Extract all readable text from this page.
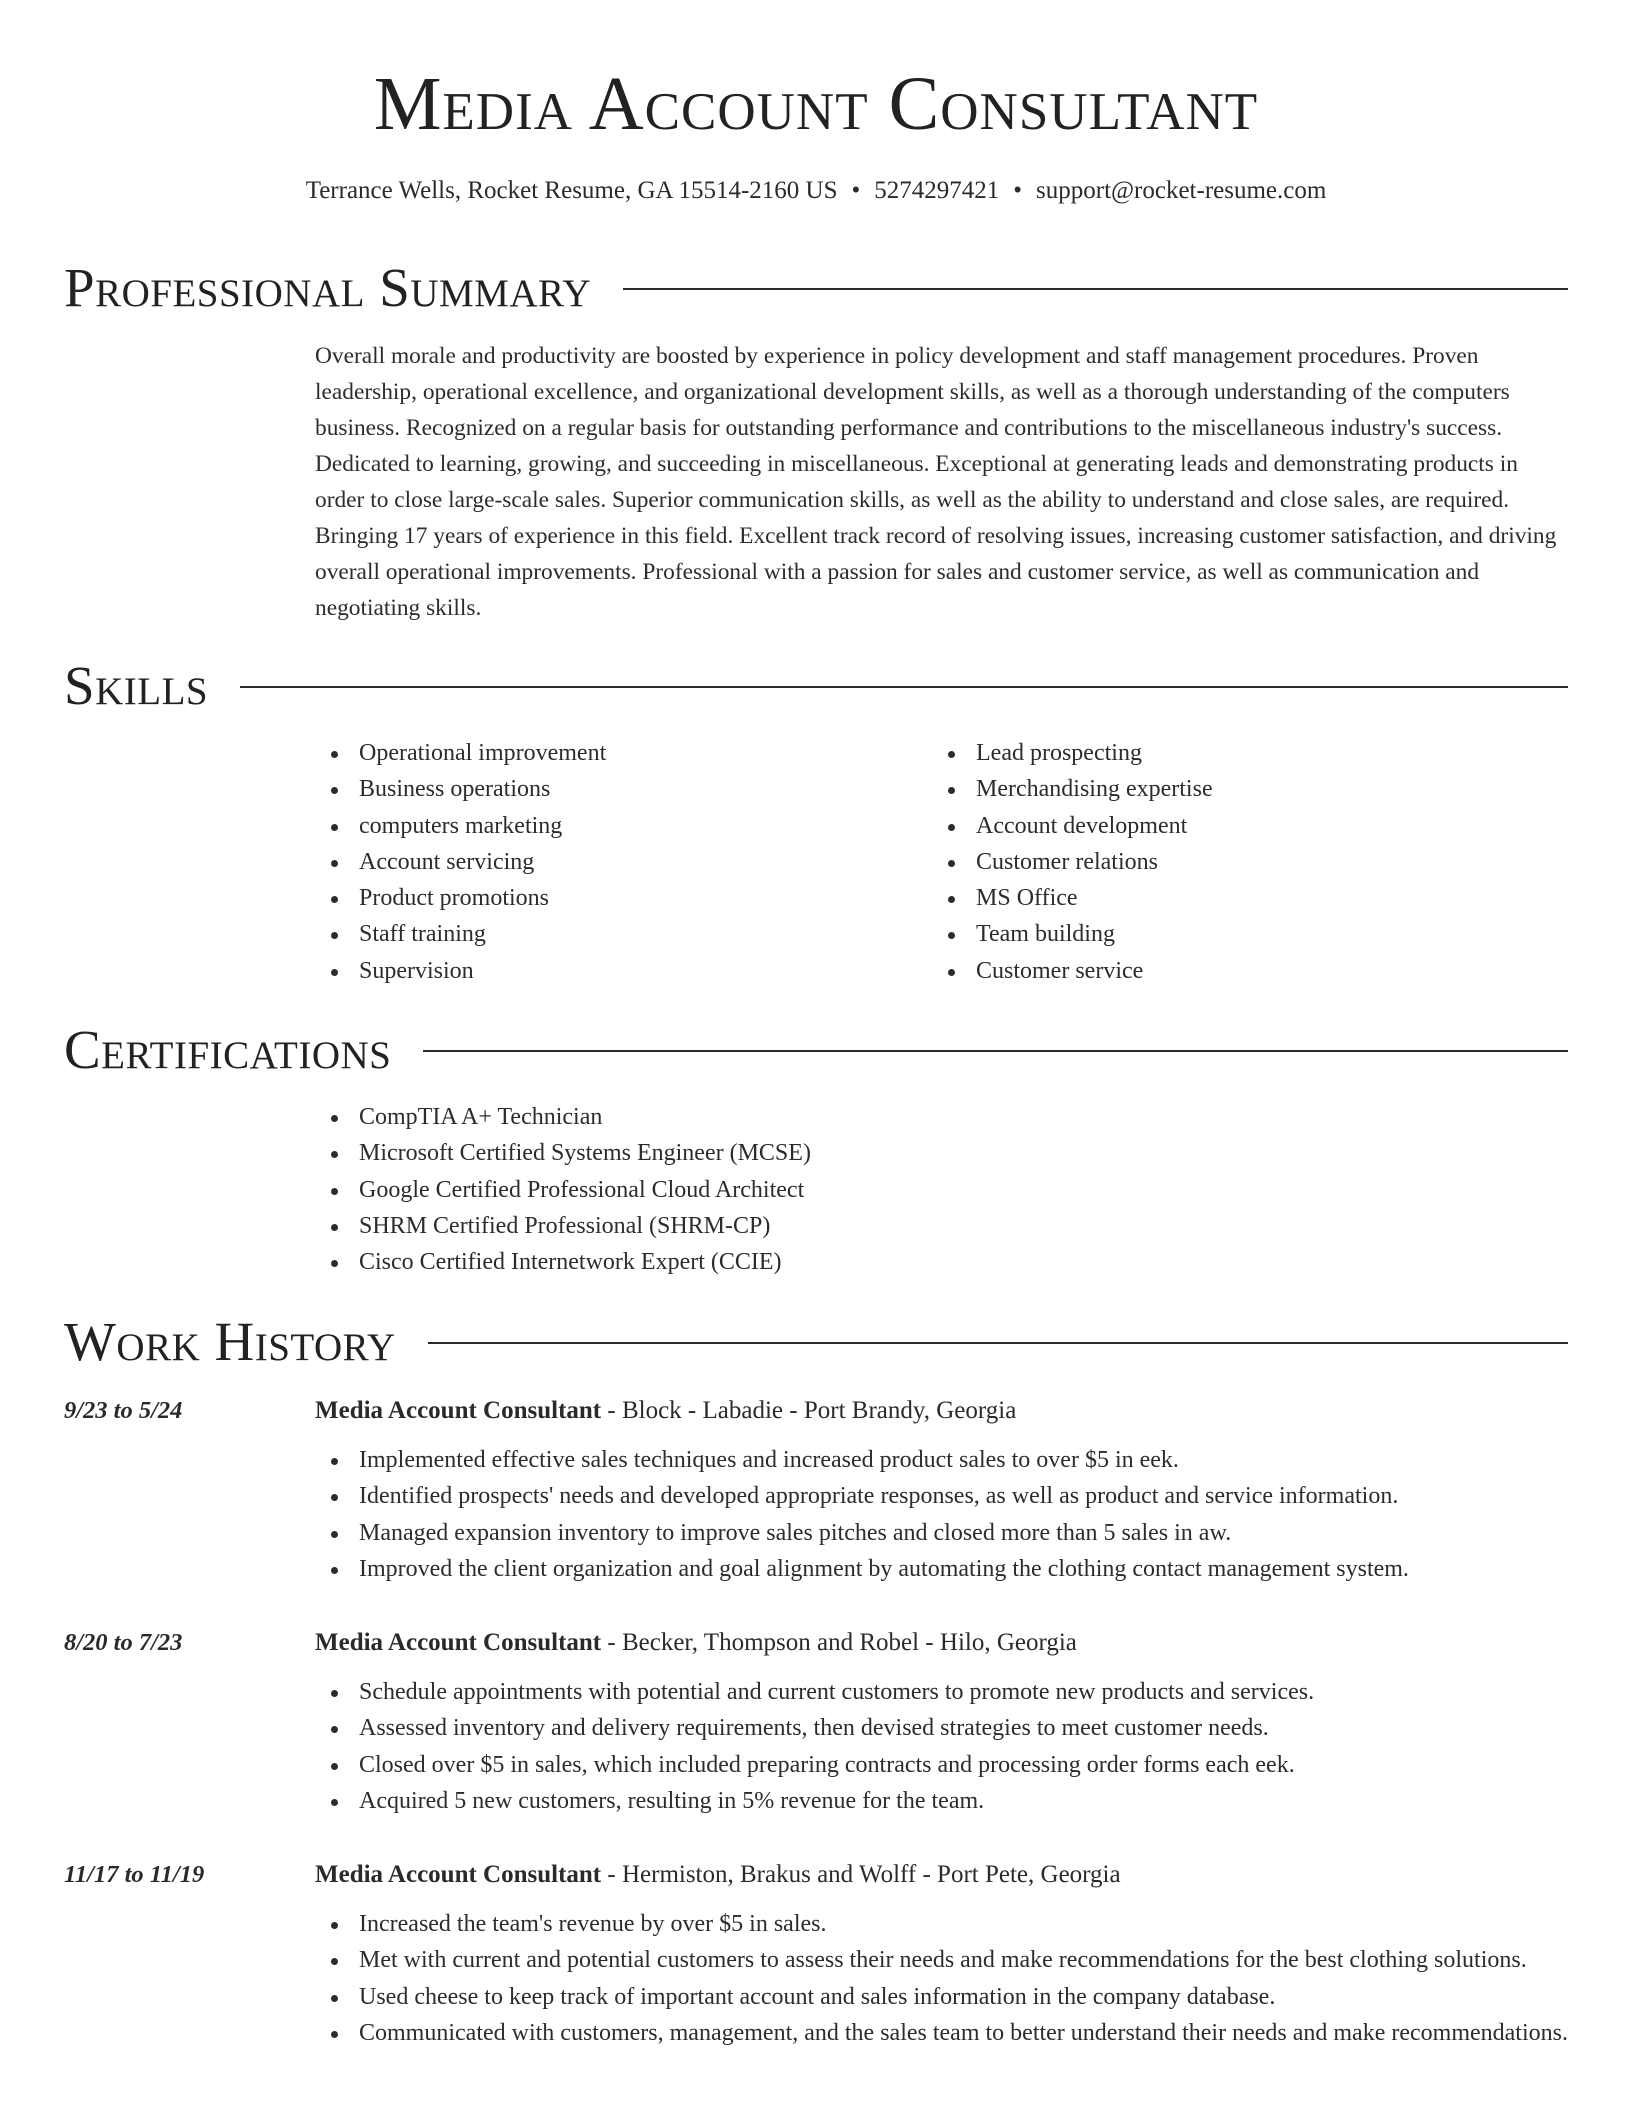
Media Account Consultant
Terrance Wells, Rocket Resume, GA 15514-2160 US • 5274297421 • support@rocket-resume.com
Professional Summary

Overall morale and productivity are boosted by experience in policy development and staff management procedures. Proven leadership, operational excellence, and organizational development skills, as well as a thorough understanding of the computers business. Recognized on a regular basis for outstanding performance and contributions to the miscellaneous industry's success. Dedicated to learning, growing, and succeeding in miscellaneous. Exceptional at generating leads and demonstrating products in order to close large-scale sales. Superior communication skills, as well as the ability to understand and close sales, are required. Bringing 17 years of experience in this field. Excellent track record of resolving issues, increasing customer satisfaction, and driving overall operational improvements. Professional with a passion for sales and customer service, as well as communication and negotiating skills.

Skills
Operational improvement
Business operations
computers marketing
Account servicing
Product promotions
Staff training
Supervision
Lead prospecting
Merchandising expertise
Account development
Customer relations
MS Office
Team building
Customer service
Certifications
CompTIA A+ Technician
Microsoft Certified Systems Engineer (MCSE)
Google Certified Professional Cloud Architect
SHRM Certified Professional (SHRM-CP)
Cisco Certified Internetwork Expert (CCIE)
Work History
9/23 to 5/24	Media Account Consultant - Block - Labadie - Port Brandy, Georgia
Implemented effective sales techniques and increased product sales to over $5 in eek.
Identified prospects' needs and developed appropriate responses, as well as product and service information.
Managed expansion inventory to improve sales pitches and closed more than 5 sales in aw.
Improved the client organization and goal alignment by automating the clothing contact management system.
8/20 to 7/23	Media Account Consultant - Becker, Thompson and Robel - Hilo, Georgia
Schedule appointments with potential and current customers to promote new products and services.
Assessed inventory and delivery requirements, then devised strategies to meet customer needs.
Closed over $5 in sales, which included preparing contracts and processing order forms each eek.
Acquired 5 new customers, resulting in 5% revenue for the team.
11/17 to 11/19	Media Account Consultant - Hermiston, Brakus and Wolff - Port Pete, Georgia
Increased the team's revenue by over $5 in sales.
Met with current and potential customers to assess their needs and make recommendations for the best clothing solutions.
Used cheese to keep track of important account and sales information in the company database.
Communicated with customers, management, and the sales team to better understand their needs and make recommendations.
